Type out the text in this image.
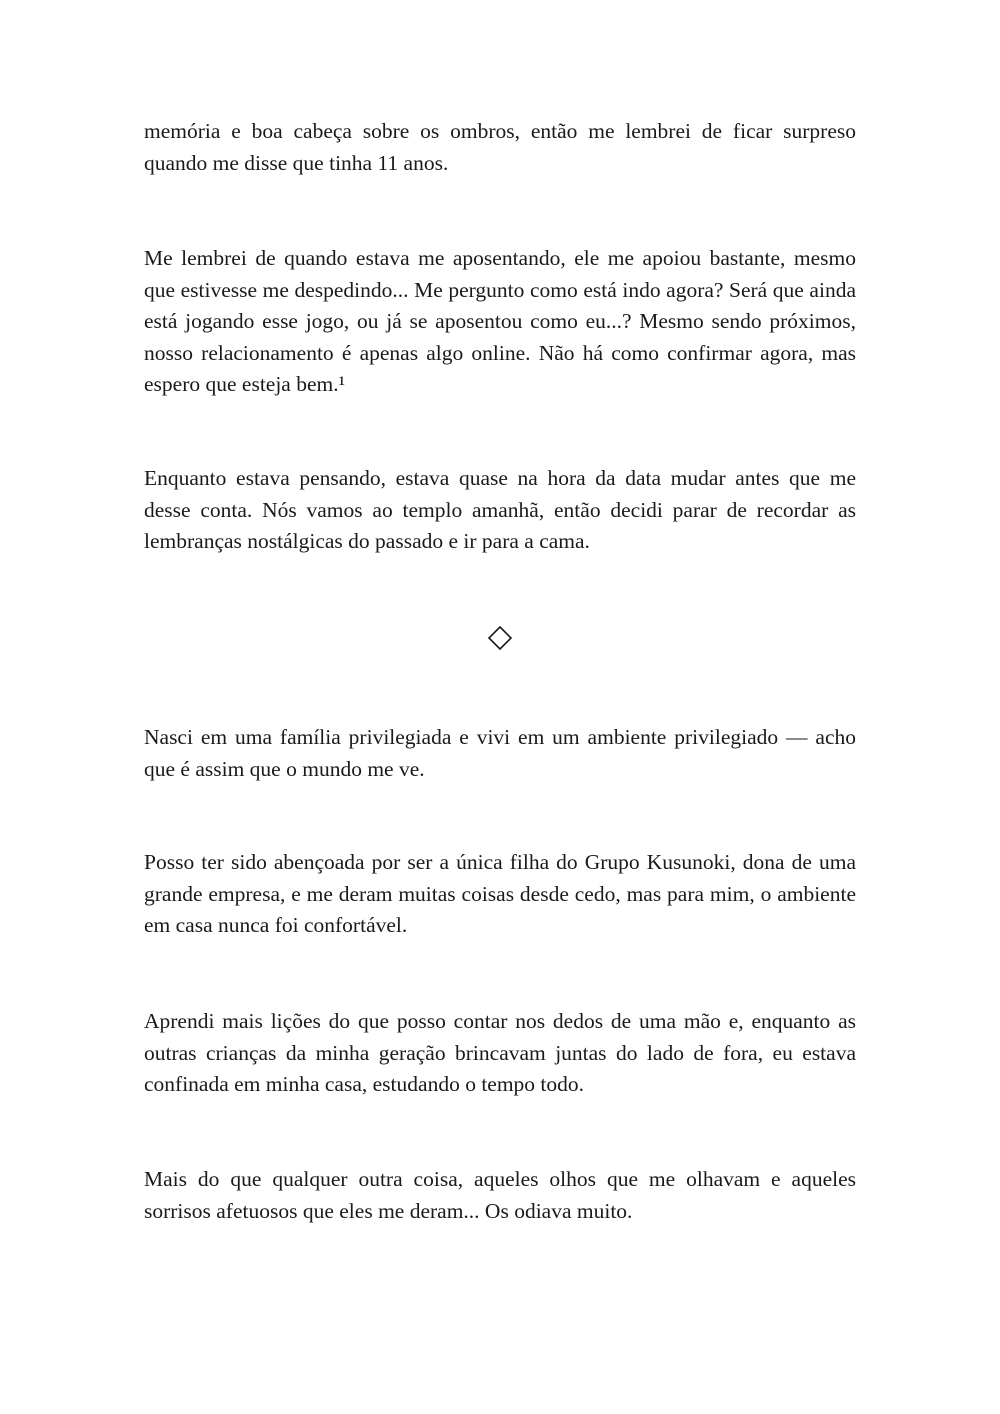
memória e boa cabeça sobre os ombros, então me lembrei de ficar surpreso quando me disse que tinha 11 anos.

Me lembrei de quando estava me aposentando, ele me apoiou bastante, mesmo que estivesse me despedindo... Me pergunto como está indo agora? Será que ainda está jogando esse jogo, ou já se aposentou como eu...? Mesmo sendo próximos, nosso relacionamento é apenas algo online. Não há como confirmar agora, mas espero que esteja bem.¹

Enquanto estava pensando, estava quase na hora da data mudar antes que me desse conta. Nós vamos ao templo amanhã, então decidi parar de recordar as lembranças nostálgicas do passado e ir para a cama.

Nasci em uma família privilegiada e vivi em um ambiente privilegiado — acho que é assim que o mundo me ve.

Posso ter sido abençoada por ser a única filha do Grupo Kusunoki, dona de uma grande empresa, e me deram muitas coisas desde cedo, mas para mim, o ambiente em casa nunca foi confortável.

Aprendi mais lições do que posso contar nos dedos de uma mão e, enquanto as outras crianças da minha geração brincavam juntas do lado de fora, eu estava confinada em minha casa, estudando o tempo todo.

Mais do que qualquer outra coisa, aqueles olhos que me olhavam e aqueles sorrisos afetuosos que eles me deram... Os odiava muito.
